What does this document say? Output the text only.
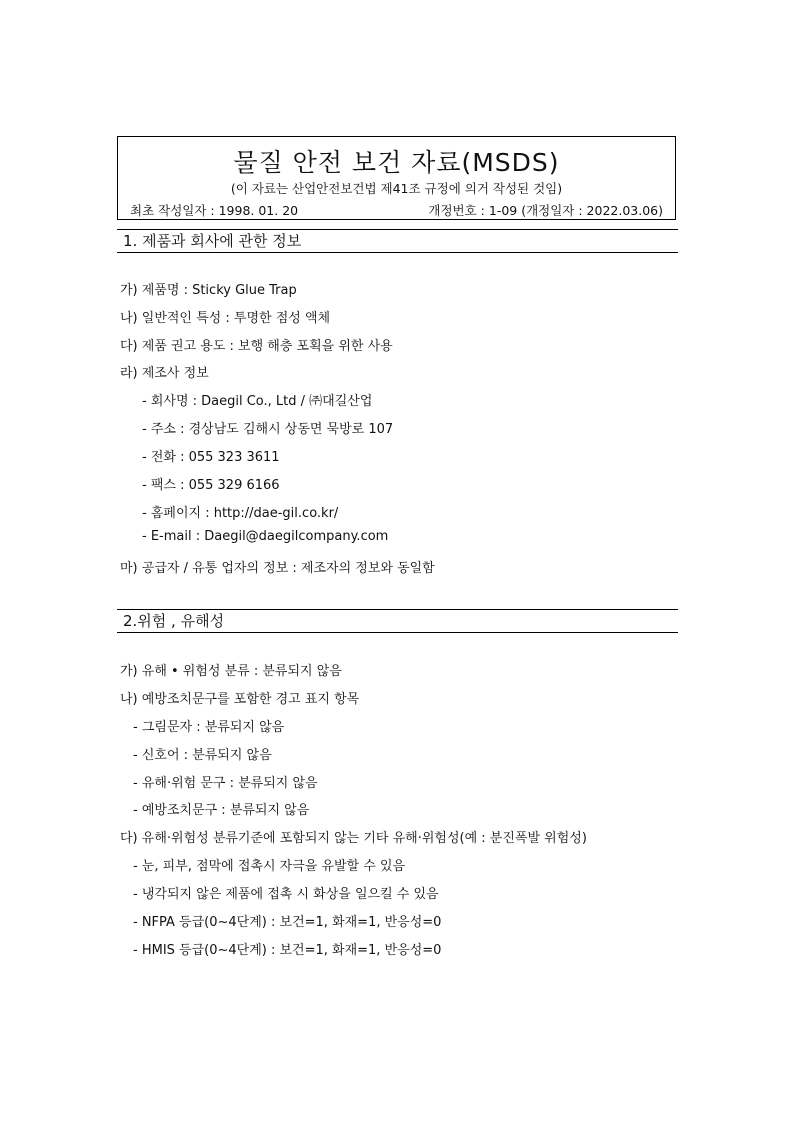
물질 안전 보건 자료(MSDS)
(이 자료는 산업안전보건법 제41조 규정에 의거 작성된 것임)
최초 작성일자 : 1998. 01. 20	개정번호 : 1-09 (개정일자 : 2022.03.06)
1. 제품과 회사에 관한 정보
가) 제품명 : Sticky Glue Trap
나) 일반적인 특성 : 투명한 점성 액체
다) 제품 권고 용도 : 보행 해충 포획을 위한 사용
라) 제조사 정보
- 회사명 : Daegil Co., Ltd / ㈜대길산업
- 주소 : 경상남도 김해시 상동면 묵방로 107
- 전화 : 055 323 3611
- 팩스 : 055 329 6166
- 홈페이지 : http://dae-gil.co.kr/
- E-mail : Daegil@daegilcompany.com
마) 공급자 / 유통 업자의 정보 : 제조자의 정보와 동일함
2.위험 , 유해성
가) 유해 • 위험성 분류 : 분류되지 않음
나) 예방조치문구를 포함한 경고 표지 항목
- 그림문자 : 분류되지 않음
- 신호어 : 분류되지 않음
- 유해·위험 문구 : 분류되지 않음
- 예방조치문구 : 분류되지 않음
다) 유해·위험성 분류기준에 포함되지 않는 기타 유해·위험성(예 : 분진폭발 위험성)
- 눈, 피부, 점막에 접촉시 자극을 유발할 수 있음
- 냉각되지 않은 제품에 접촉 시 화상을 일으킬 수 있음
- NFPA 등급(0~4단계) : 보건=1, 화재=1, 반응성=0
- HMIS 등급(0~4단계) : 보건=1, 화재=1, 반응성=0
